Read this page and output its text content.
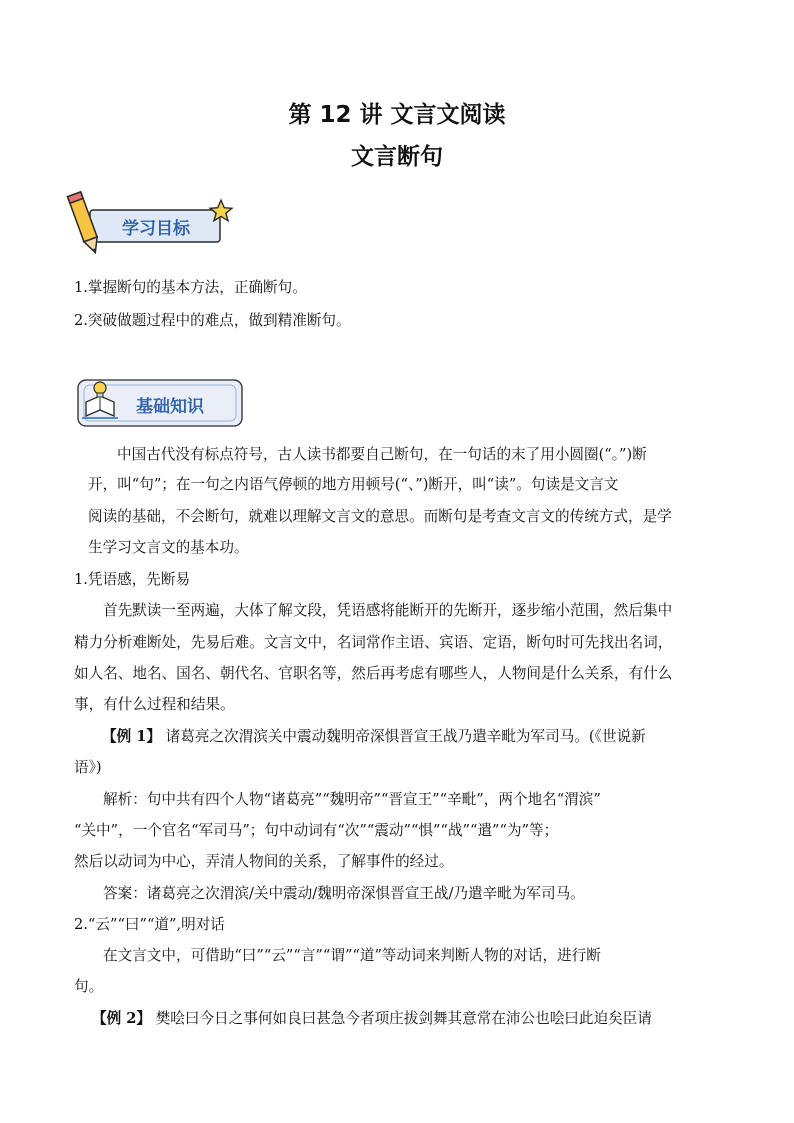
第 12 讲 文言文阅读
文言断句
学习目标
1.掌握断句的基本方法，正确断句。
2.突破做题过程中的难点，做到精准断句。
基础知识
中国古代没有标点符号，古人读书都要自己断句，在一句话的末了用小圆圈(“。”)断
开，叫“句”；在一句之内语气停顿的地方用顿号(“、”)断开，叫“读”。句读是文言文
阅读的基础，不会断句，就难以理解文言文的意思。而断句是考查文言文的传统方式，是学
生学习文言文的基本功。
1.凭语感，先断易
首先默读一至两遍，大体了解文段，凭语感将能断开的先断开，逐步缩小范围，然后集中
精力分析难断处，先易后难。文言文中，名词常作主语、宾语、定语，断句时可先找出名词，
如人名、地名、国名、朝代名、官职名等，然后再考虑有哪些人，人物间是什么关系，有什么
事，有什么过程和结果。
【例 1】 诸葛亮之次渭滨关中震动魏明帝深惧晋宣王战乃遣辛毗为军司马。(《世说新
语》)
解析：句中共有四个人物“诸葛亮”“魏明帝”“晋宣王”“辛毗”，两个地名“渭滨”
“关中”，一个官名“军司马”；句中动词有“次”“震动”“惧”“战”“遣”“为”等；
然后以动词为中心，弄清人物间的关系，了解事件的经过。
答案：诸葛亮之次渭滨/关中震动/魏明帝深惧晋宣王战/乃遣辛毗为军司马。
2.“云”“曰”“道”,明对话
在文言文中，可借助“曰”“云”“言”“谓”“道”等动词来判断人物的对话，进行断
句。
【例 2】 樊哙曰今日之事何如良曰甚急今者项庄拔剑舞其意常在沛公也哙曰此迫矣臣请
